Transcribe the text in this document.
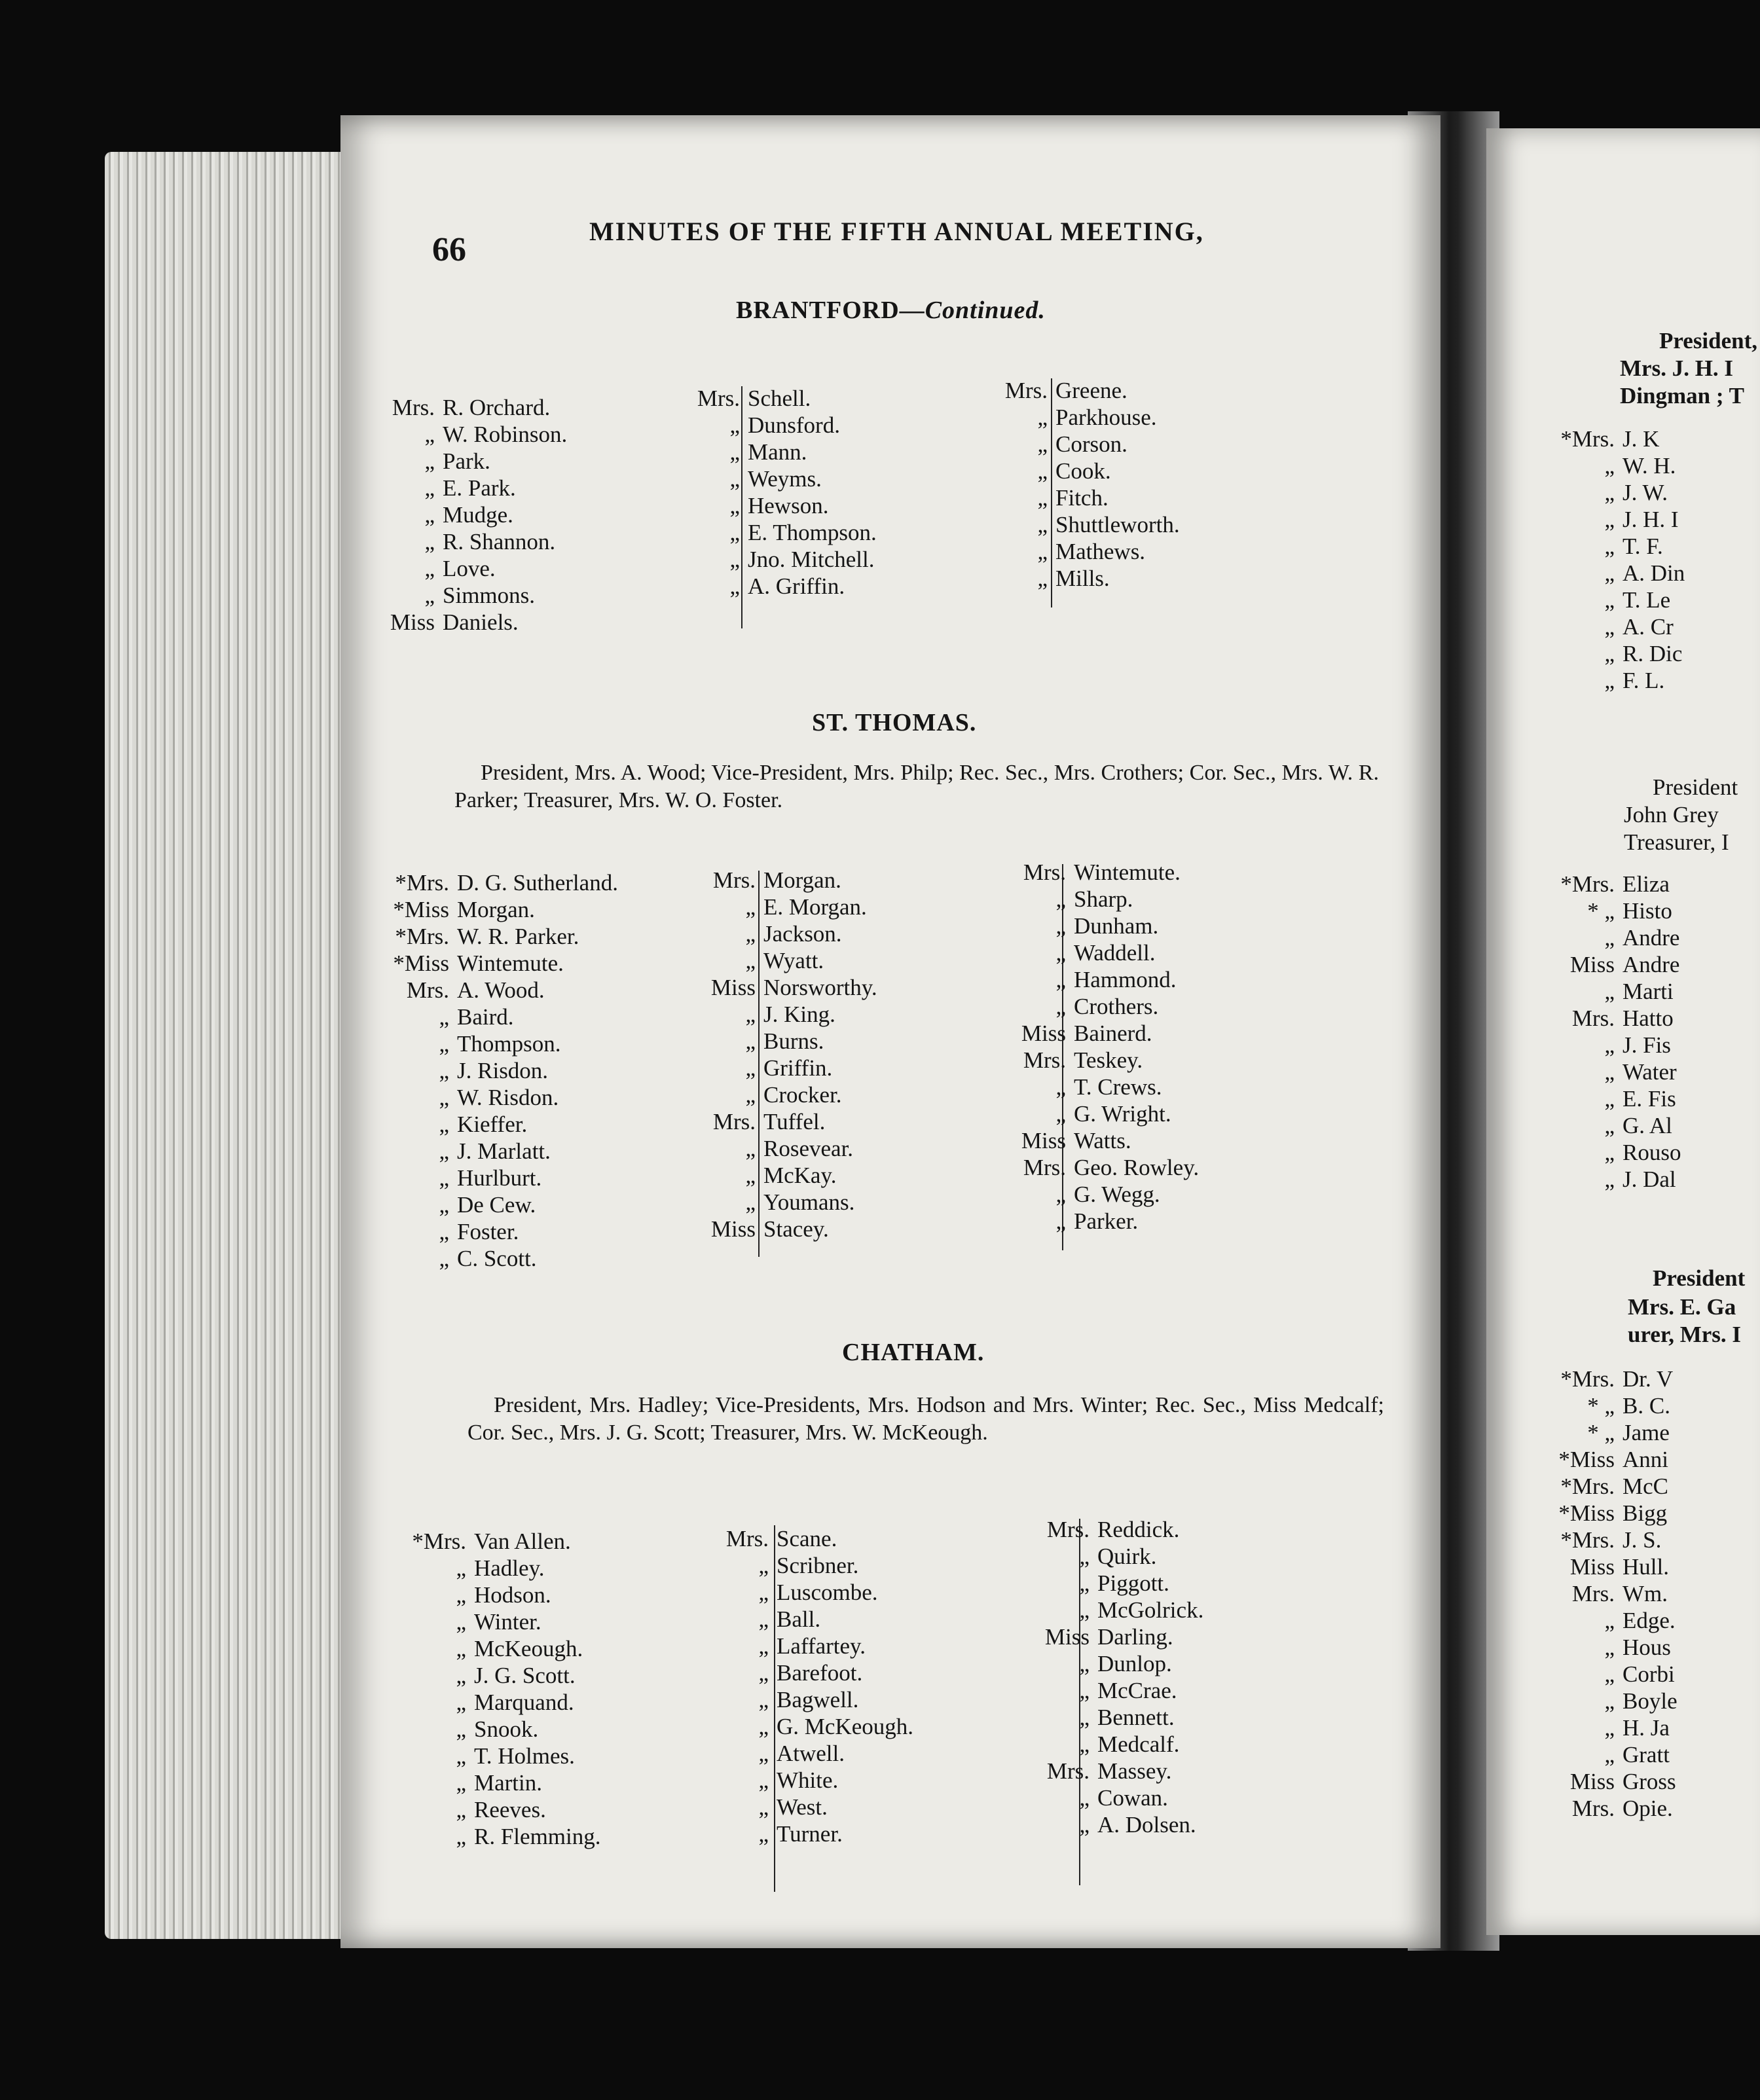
66	MINUTES OF THE FIFTH ANNUAL MEETING,
BRANTFORD—Continued.
Mrs. R. Orchard.
„ W. Robinson.
„ Park.
„ E. Park.
„ Mudge.
„ R. Shannon.
„ Love.
„ Simmons.
Miss Daniels.
Mrs. Schell.
„ Dunsford.
„ Mann.
„ Weyms.
„ Hewson.
„ E. Thompson.
„ Jno. Mitchell.
„ A. Griffin.
Mrs. Greene.
„ Parkhouse.
„ Corson.
„ Cook.
„ Fitch.
„ Shuttleworth.
„ Mathews.
„ Mills.
ST. THOMAS.
President, Mrs. A. Wood; Vice-President, Mrs. Philp; Rec. Sec., Mrs. Crothers; Cor. Sec., Mrs. W. R. Parker; Treasurer, Mrs. W. O. Foster.
*Mrs. D. G. Sutherland.
*Miss Morgan.
*Mrs. W. R. Parker.
*Miss Wintemute.
Mrs. A. Wood.
„ Baird.
„ Thompson.
„ J. Risdon.
„ W. Risdon.
„ Kieffer.
„ J. Marlatt.
„ Hurlburt.
„ De Cew.
„ Foster.
„ C. Scott.
Mrs. Morgan.
„ E. Morgan.
„ Jackson.
„ Wyatt.
Miss Norsworthy.
„ J. King.
„ Burns.
„ Griffin.
„ Crocker.
Mrs. Tuffel.
„ Rosevear.
„ McKay.
„ Youmans.
Miss Stacey.
Mrs. Wintemute.
„ Sharp.
„ Dunham.
„ Waddell.
„ Hammond.
„ Crothers.
Miss Bainerd.
Mrs. Teskey.
„ T. Crews.
„ G. Wright.
Miss Watts.
Mrs. Geo. Rowley.
„ G. Wegg.
„ Parker.
CHATHAM.
President, Mrs. Hadley; Vice-Presidents, Mrs. Hodson and Mrs. Winter; Rec. Sec., Miss Medcalf; Cor. Sec., Mrs. J. G. Scott; Treasurer, Mrs. W. McKeough.
*Mrs. Van Allen.
„ Hadley.
„ Hodson.
„ Winter.
„ McKeough.
„ J. G. Scott.
„ Marquand.
„ Snook.
„ T. Holmes.
„ Martin.
„ Reeves.
„ R. Flemming.
Mrs. Scane.
„ Scribner.
„ Luscombe.
„ Ball.
„ Laffartey.
„ Barefoot.
„ Bagwell.
„ G. McKeough.
„ Atwell.
„ White.
„ West.
„ Turner.
Mrs. Reddick.
„ Quirk.
„ Piggott.
„ McGolrick.
Miss Darling.
„ Dunlop.
„ McCrae.
„ Bennett.
„ Medcalf.
Mrs. Massey.
„ Cowan.
„ A. Dolsen.
President,
Mrs. J. H. I
Dingman ; T
*Mrs. J. K
„ W. H.
„ J. W.
„ J. H. I
„ T. F.
„ A. Din
„ T. Le
„ A. Cr
„ R. Dic
„ F. L.
President
John Grey
Treasurer, I
*Mrs. Eliza
* „ Histo
„ Andre
Miss Andre
„ Marti
Mrs. Hatto
„ J. Fis
„ Water
„ E. Fis
„ G. Al
„ Rouso
„ J. Dal
President
Mrs. E. Ga
urer, Mrs. I
*Mrs. Dr. V
* „ B. C.
* „ Jame
*Miss Anni
*Mrs. McC
*Miss Bigg
*Mrs. J. S.
Miss Hull.
Mrs. Wm.
„ Edge.
„ Hous
„ Corbi
„ Boyle
„ H. Ja
„ Gratt
Miss Gross
Mrs. Opie.
